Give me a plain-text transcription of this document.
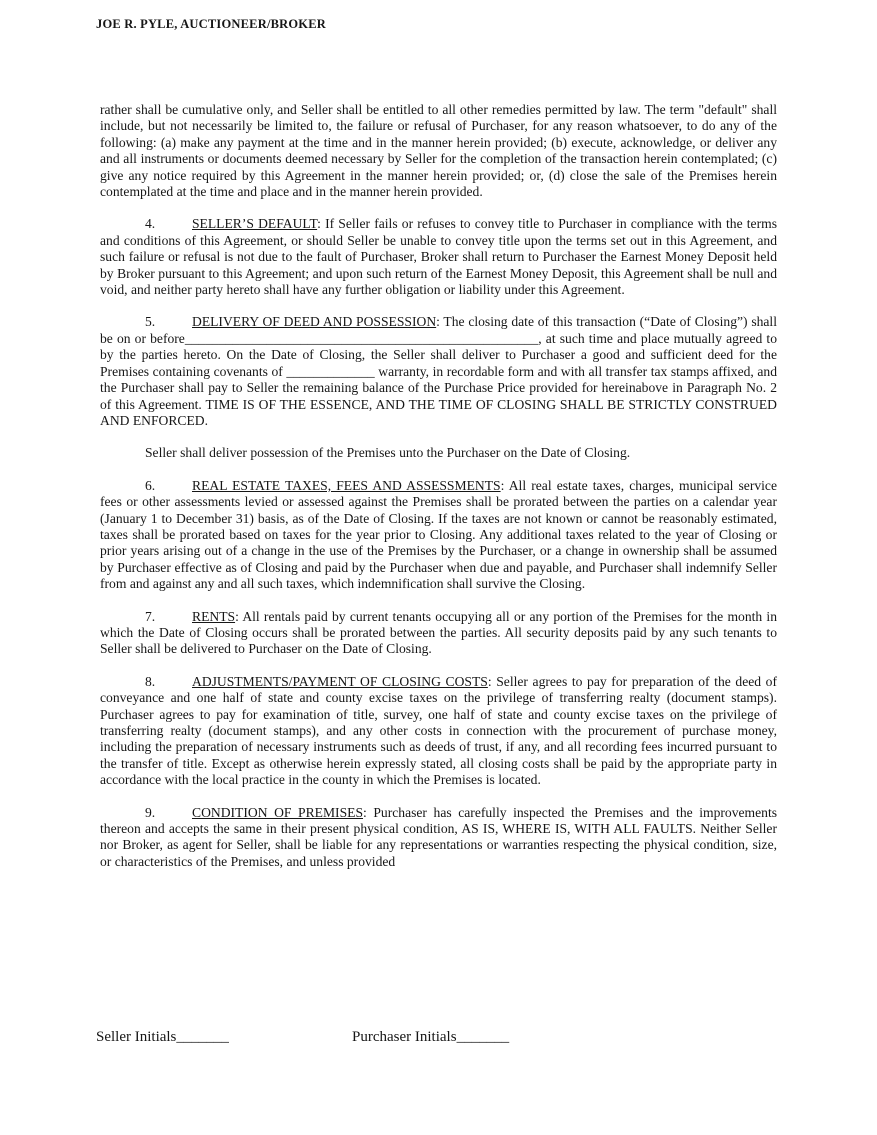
JOE R. PYLE, AUCTIONEER/BROKER

rather shall be cumulative only, and Seller shall be entitled to all other remedies permitted by law. The term "default" shall include, but not necessarily be limited to, the failure or refusal of Purchaser, for any reason whatsoever, to do any of the following: (a) make any payment at the time and in the manner herein provided; (b) execute, acknowledge, or deliver any and all instruments or documents deemed necessary by Seller for the completion of the transaction herein contemplated; (c) give any notice required by this Agreement in the manner herein provided; or, (d) close the sale of the Premises herein contemplated at the time and place and in the manner herein provided.

4.	SELLER’S DEFAULT: If Seller fails or refuses to convey title to Purchaser in compliance with the terms and conditions of this Agreement, or should Seller be unable to convey title upon the terms set out in this Agreement, and such failure or refusal is not due to the fault of Purchaser, Broker shall return to Purchaser the Earnest Money Deposit held by Broker pursuant to this Agreement; and upon such return of the Earnest Money Deposit, this Agreement shall be null and void, and neither party hereto shall have any further obligation or liability under this Agreement.

5.	DELIVERY OF DEED AND POSSESSION: The closing date of this transaction (“Date of Closing”) shall be on or before____________________________________________________, at such time and place mutually agreed to by the parties hereto. On the Date of Closing, the Seller shall deliver to Purchaser a good and sufficient deed for the Premises containing covenants of _____________ warranty, in recordable form and with all transfer tax stamps affixed, and the Purchaser shall pay to Seller the remaining balance of the Purchase Price provided for hereinabove in Paragraph No. 2 of this Agreement. TIME IS OF THE ESSENCE, AND THE TIME OF CLOSING SHALL BE STRICTLY CONSTRUED AND ENFORCED.

Seller shall deliver possession of the Premises unto the Purchaser on the Date of Closing.

6.	REAL ESTATE TAXES, FEES AND ASSESSMENTS: All real estate taxes, charges, municipal service fees or other assessments levied or assessed against the Premises shall be prorated between the parties on a calendar year (January 1 to December 31) basis, as of the Date of Closing. If the taxes are not known or cannot be reasonably estimated, taxes shall be prorated based on taxes for the year prior to Closing. Any additional taxes related to the year of Closing or prior years arising out of a change in the use of the Premises by the Purchaser, or a change in ownership shall be assumed by Purchaser effective as of Closing and paid by the Purchaser when due and payable, and Purchaser shall indemnify Seller from and against any and all such taxes, which indemnification shall survive the Closing.

7.	RENTS: All rentals paid by current tenants occupying all or any portion of the Premises for the month in which the Date of Closing occurs shall be prorated between the parties. All security deposits paid by any such tenants to Seller shall be delivered to Purchaser on the Date of Closing.

8.	ADJUSTMENTS/PAYMENT OF CLOSING COSTS: Seller agrees to pay for preparation of the deed of conveyance and one half of state and county excise taxes on the privilege of transferring realty (document stamps). Purchaser agrees to pay for examination of title, survey, one half of state and county excise taxes on the privilege of transferring realty (document stamps), and any other costs in connection with the procurement of purchase money, including the preparation of necessary instruments such as deeds of trust, if any, and all recording fees incurred pursuant to the transfer of title. Except as otherwise herein expressly stated, all closing costs shall be paid by the appropriate party in accordance with the local practice in the county in which the Premises is located.

9.	CONDITION OF PREMISES: Purchaser has carefully inspected the Premises and the improvements thereon and accepts the same in their present physical condition, AS IS, WHERE IS, WITH ALL FAULTS. Neither Seller nor Broker, as agent for Seller, shall be liable for any representations or warranties respecting the physical condition, size, or characteristics of the Premises, and unless provided

Seller Initials_______	Purchaser Initials_______
